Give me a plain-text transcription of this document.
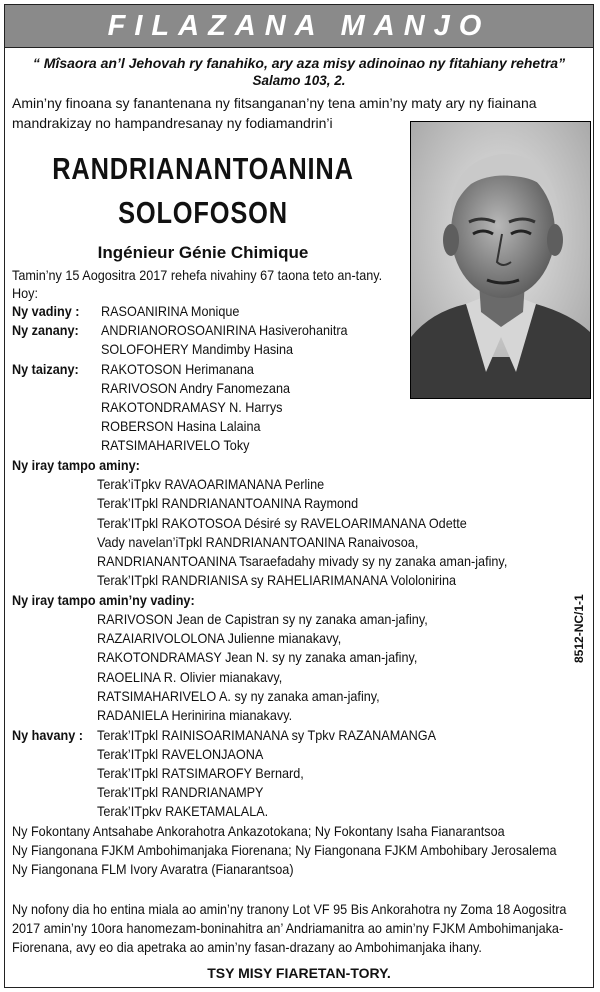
FILAZANA MANJO
“ Mîsaora an’l Jehovah ry fanahiko, ary aza misy adinoinao ny fitahiany rehetra”
Salamo 103, 2.
Amin’ny finoana sy fanantenana ny fitsanganan’ny tena amin’ny maty ary ny fiainana mandrakizay no hampandresanay ny fodiamandrin’i
RANDRIANANTOANINA
SOLOFOSON
Ingénieur Génie Chimique
Tamin’ny 15 Aogositra 2017 rehefa nivahiny 67 taona teto an-tany.
Hoy:
Ny vadiny : RASOANIRINA Monique
Ny zanany: ANDRIANOROSOANIRINA Hasiverohanitra
SOLOFOHERY Mandimby Hasina
Ny taizany: RAKOTOSON Herimanana
RARIVOSON Andry Fanomezana
RAKOTONDRAMASY N. Harrys
ROBERSON Hasina Lalaina
RATSIMAHARIVELO Toky
Ny iray tampo aminy:
Terak’iTpkv RAVAOARIMANANA Perline
Terak’ITpkl RANDRIANANTOANINA Raymond
Terak’ITpkl RAKOTOSOA Désiré sy RAVELOARIMANANA Odette
Vady navelan’iTpkl RANDRIANANTOANINA Ranaivosoa,
RANDRIANANTOANINA Tsaraefadahy mivady sy ny zanaka aman-jafiny,
Terak’ITpkl RANDRIANISA sy RAHELIARIMANANA Vololonirina
Ny iray tampo amin’ny vadiny:
RARIVOSON Jean de Capistran sy ny zanaka aman-jafiny,
RAZAIARIVOLOLONA Julienne mianakavy,
RAKOTONDRAMASY Jean N. sy ny zanaka aman-jafiny,
RAOELINA R. Olivier mianakavy,
RATSIMAHARIVELO A. sy ny zanaka aman-jafiny,
RADANIELA Herinirina mianakavy.
Ny havany : Terak’ITpkl RAINISOARIMANANA sy Tpkv RAZANAMANGA
Terak’ITpkl RAVELONJAONA
Terak’ITpkl RATSIMAROFY Bernard,
Terak’ITpkl RANDRIANAMPY
Terak’ITpkv RAKETAMALALA.
Ny Fokontany Antsahabe Ankorahotra Ankazotokana; Ny Fokontany Isaha Fianarantsoa
Ny Fiangonana FJKM Ambohimanjaka Fiorenana; Ny Fiangonana FJKM Ambohibary Jerosalema
Ny Fiangonana FLM Ivory Avaratra (Fianarantsoa)
Ny nofony dia ho entina miala ao amin’ny tranony Lot VF 95 Bis Ankorahotra ny Zoma 18 Aogositra
2017 amin’ny 10ora hanomezam-boninahitra an’ Andriamanitra ao amin’ny FJKM Ambohimanjaka-
Fiorenana, avy eo dia apetraka ao amin’ny fasan-drazany ao Ambohimanjaka ihany.
TSY MISY FIARETAN-TORY.
8512-NC/1-1
